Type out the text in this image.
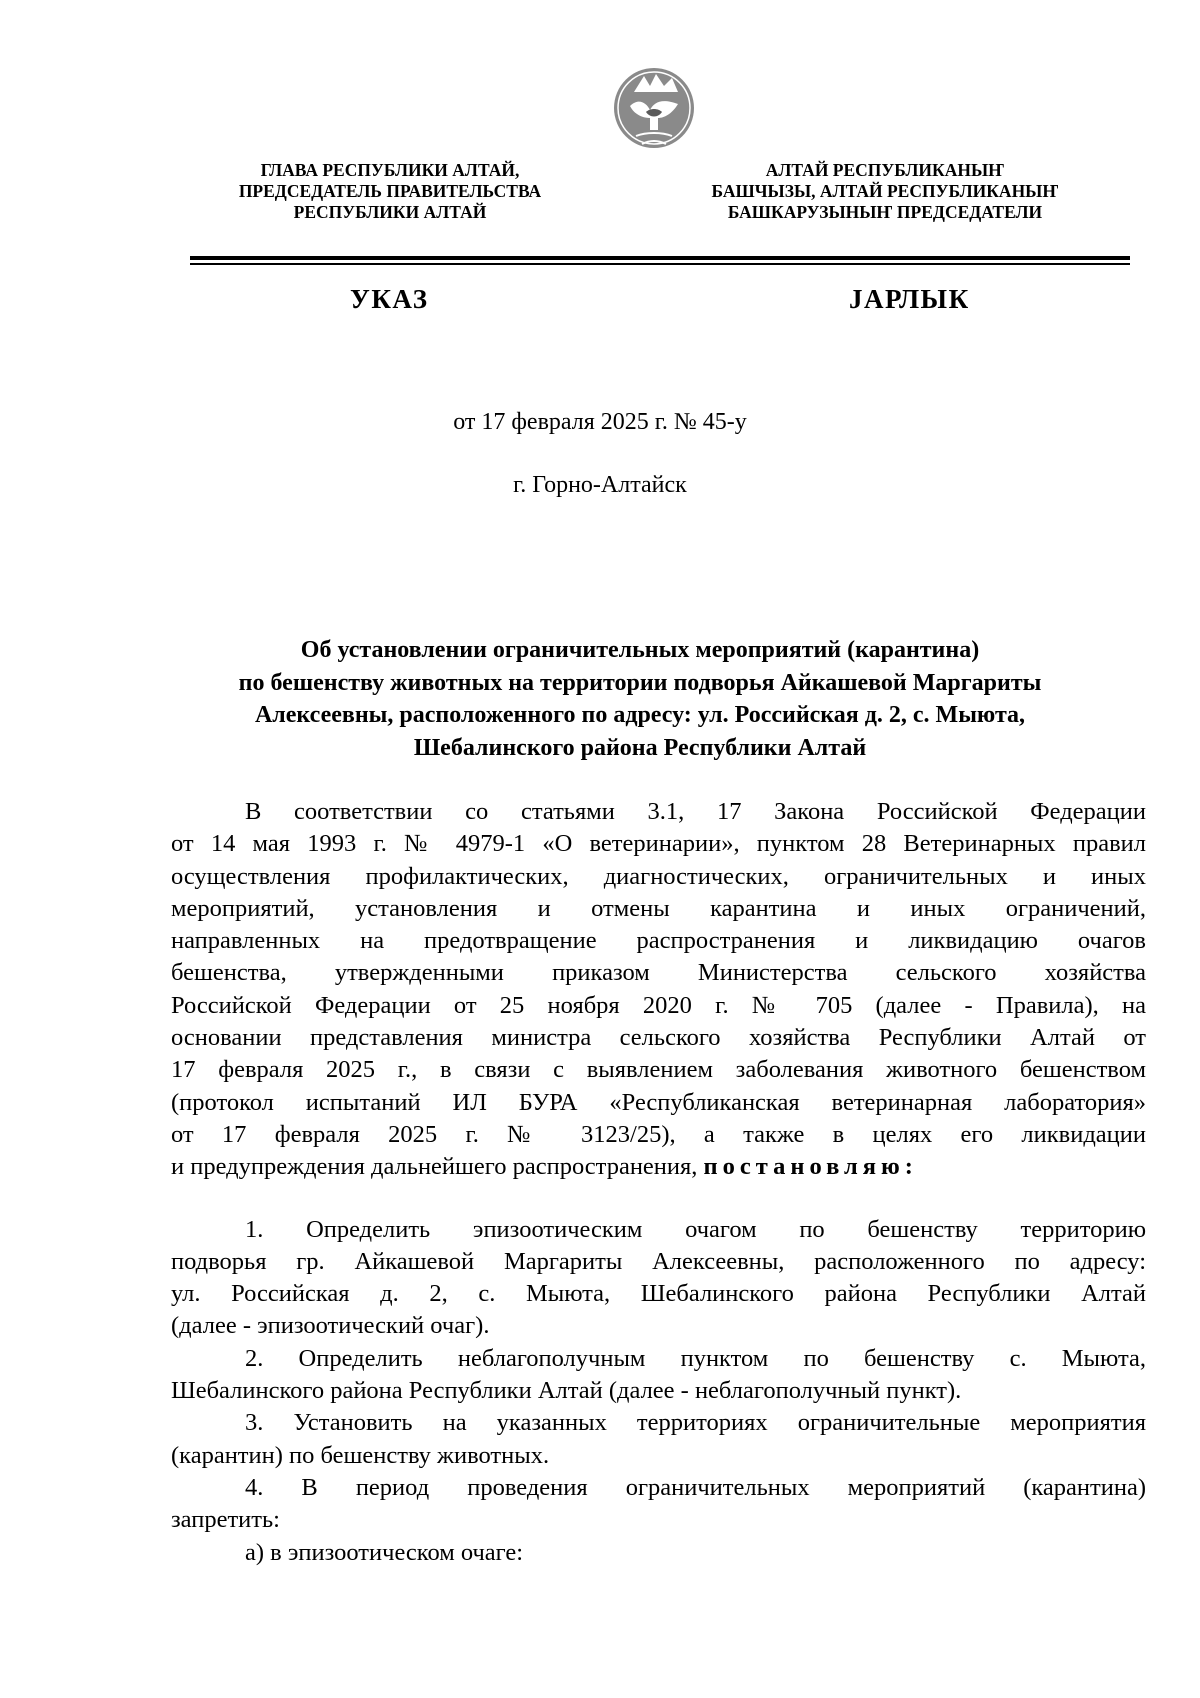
ГЛАВА РЕСПУБЛИКИ АЛТАЙ,
ПРЕДСЕДАТЕЛЬ ПРАВИТЕЛЬСТВА
РЕСПУБЛИКИ АЛТАЙ
АЛТАЙ РЕСПУБЛИКАНЫҤ
БАШЧЫЗЫ, АЛТАЙ РЕСПУБЛИКАНЫҤ
БАШКАРУЗЫНЫҤ ПРЕДСЕДАТЕЛИ
УКАЗ	JАРЛЫК
от 17 февраля 2025 г. № 45-у
г. Горно-Алтайск
Об установлении ограничительных мероприятий (карантина)
по бешенству животных на территории подворья Айкашевой Маргариты
Алексеевны, расположенного по адресу: ул. Российская д. 2, с. Мыюта,
Шебалинского района Республики Алтай
В соответствии со статьями 3.1, 17 Закона Российской Федерации
от 14 мая 1993 г. № 4979-1 «О ветеринарии», пунктом 28 Ветеринарных правил
осуществления профилактических, диагностических, ограничительных и иных
мероприятий, установления и отмены карантина и иных ограничений,
направленных на предотвращение распространения и ликвидацию очагов
бешенства, утвержденными приказом Министерства сельского хозяйства
Российской Федерации от 25 ноября 2020 г. № 705 (далее - Правила), на
основании представления министра сельского хозяйства Республики Алтай от
17 февраля 2025 г., в связи с выявлением заболевания животного бешенством
(протокол испытаний ИЛ БУРА «Республиканская ветеринарная лаборатория»
от 17 февраля 2025 г. № 3123/25), а также в целях его ликвидации
и предупреждения дальнейшего распространения, постановляю:
1. Определить эпизоотическим очагом по бешенству территорию
подворья гр. Айкашевой Маргариты Алексеевны, расположенного по адресу:
ул. Российская д. 2, с. Мыюта, Шебалинского района Республики Алтай
(далее - эпизоотический очаг).
2. Определить неблагополучным пунктом по бешенству с. Мыюта,
Шебалинского района Республики Алтай (далее - неблагополучный пункт).
3. Установить на указанных территориях ограничительные мероприятия
(карантин) по бешенству животных.
4. В период проведения ограничительных мероприятий (карантина)
запретить:
а) в эпизоотическом очаге:
